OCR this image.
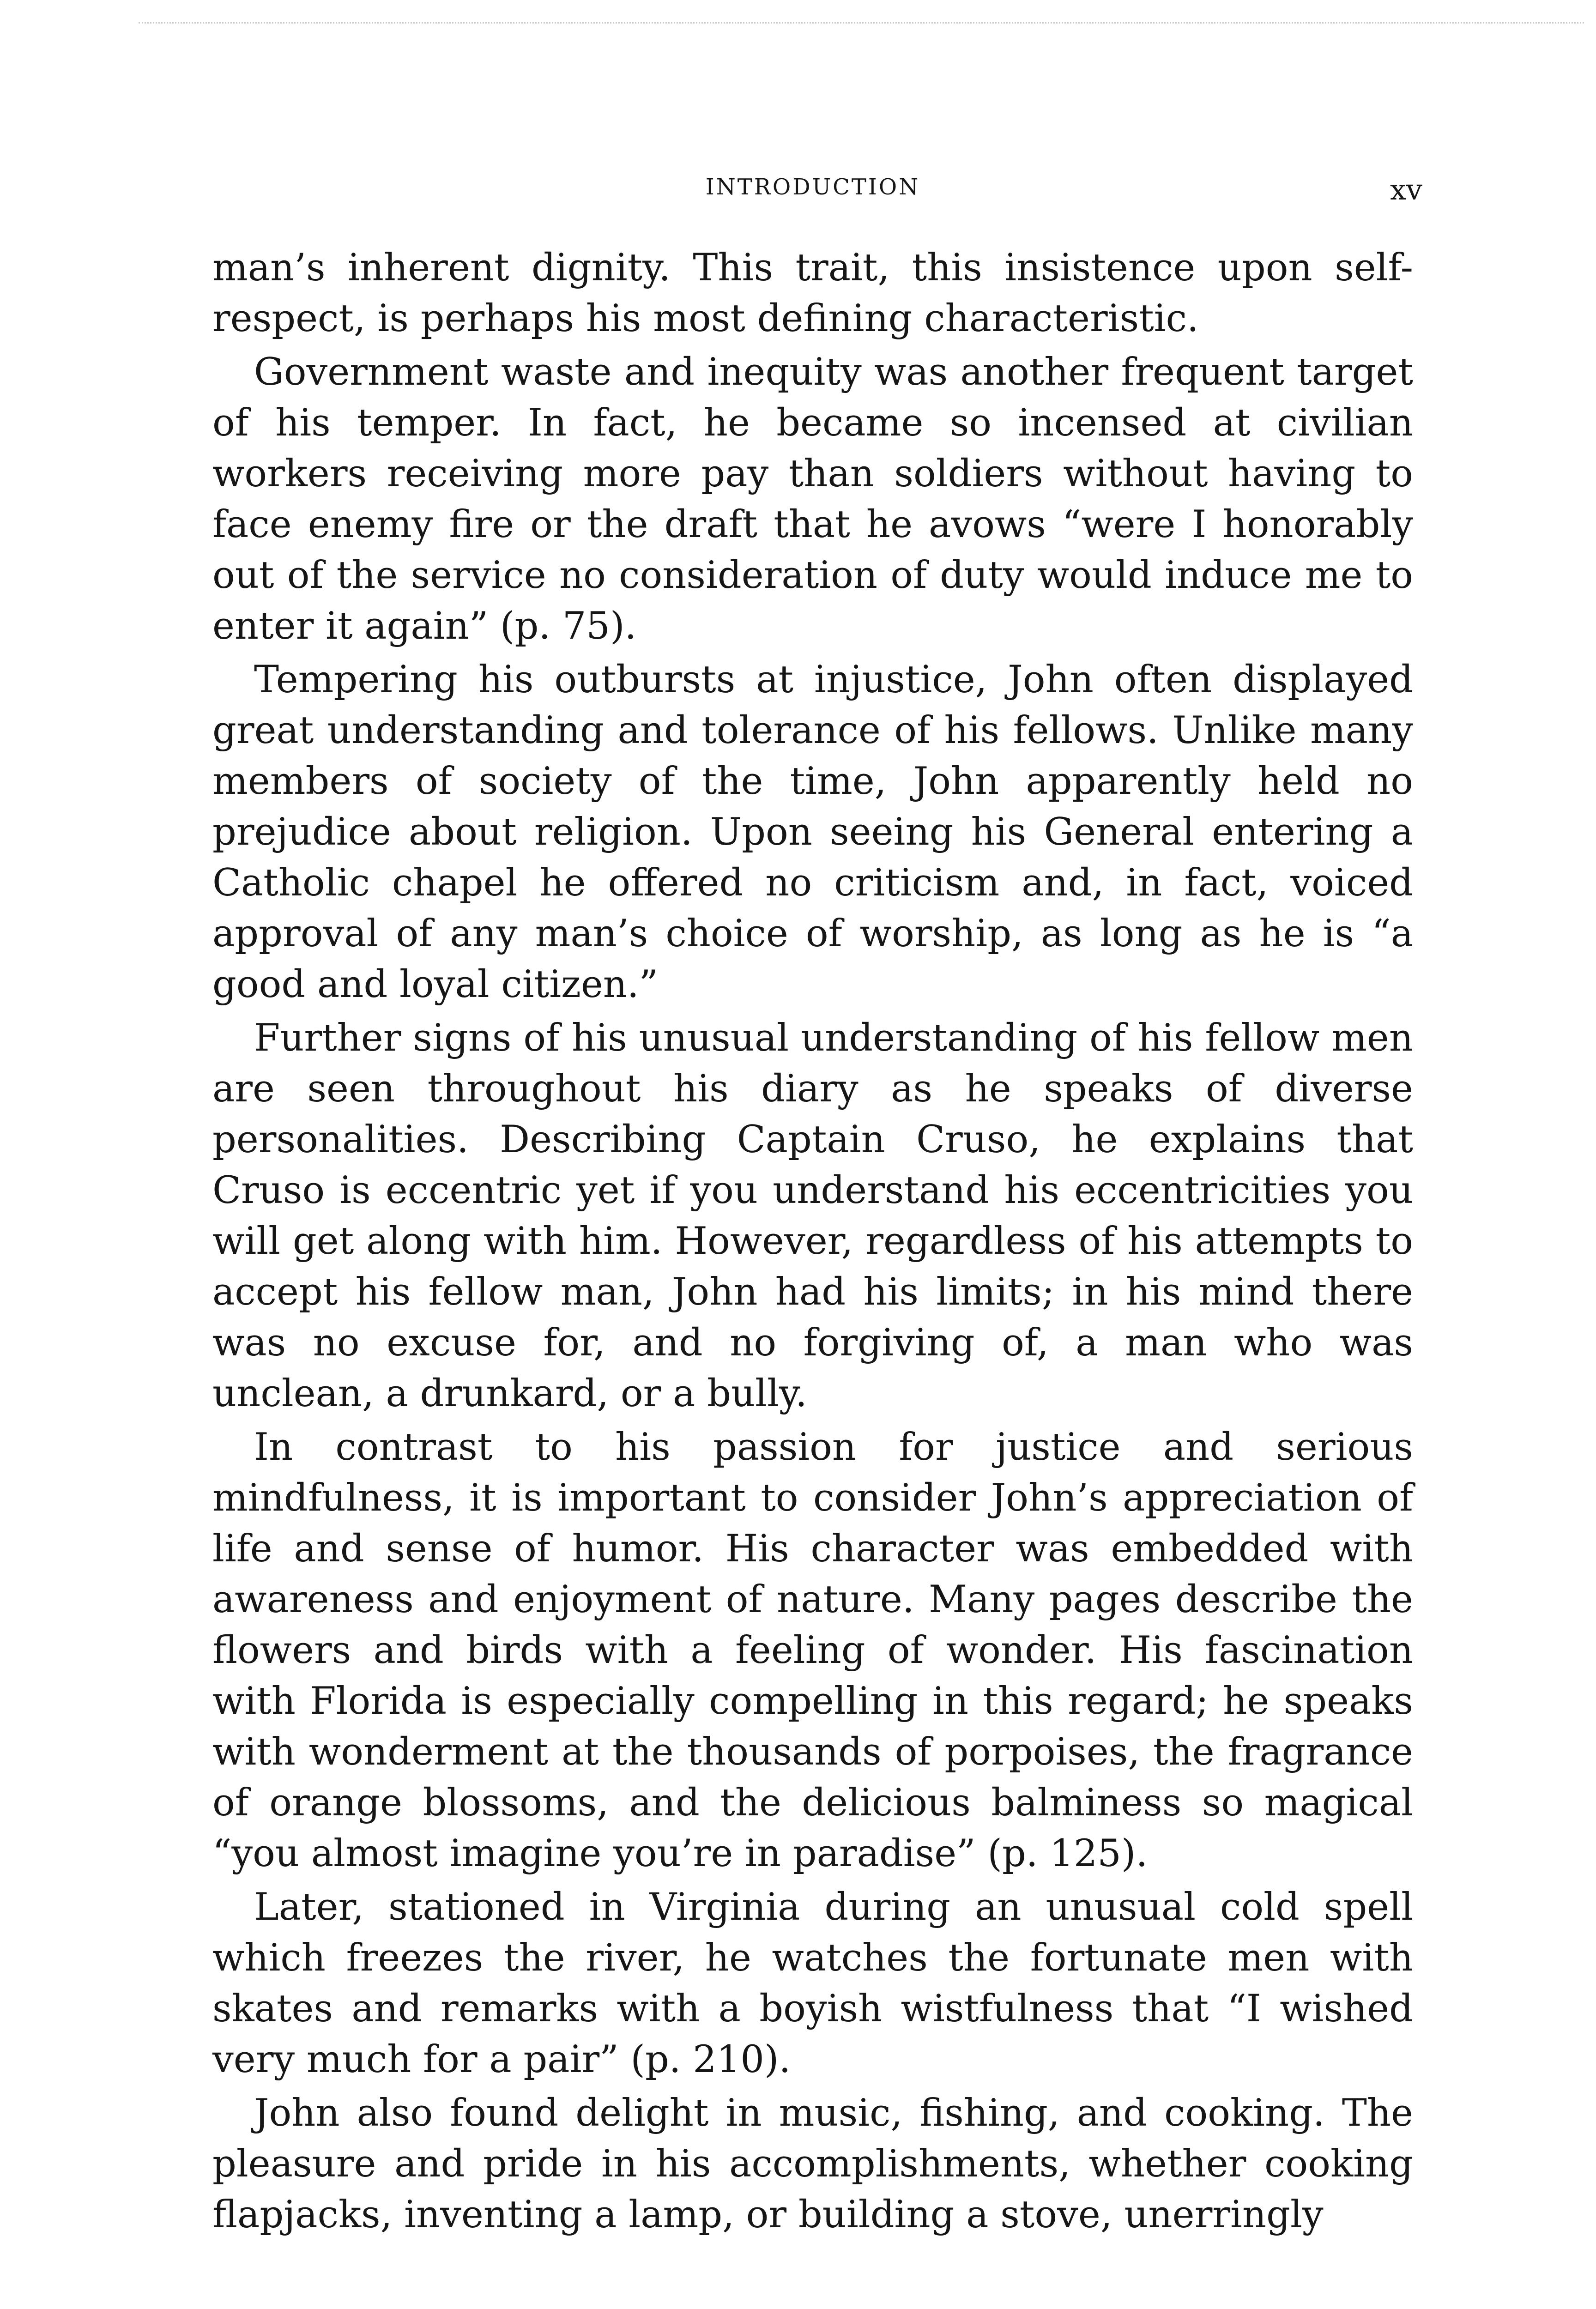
INTRODUCTION	xv

man’s inherent dignity. This trait, this insistence upon self-respect, is perhaps his most defining characteristic.

Government waste and inequity was another frequent target of his temper. In fact, he became so incensed at civilian workers receiving more pay than soldiers without having to face enemy fire or the draft that he avows “were I honorably out of the service no consideration of duty would induce me to enter it again” (p. 75).

Tempering his outbursts at injustice, John often displayed great understanding and tolerance of his fellows. Unlike many members of society of the time, John apparently held no prejudice about religion. Upon seeing his General entering a Catholic chapel he offered no criticism and, in fact, voiced approval of any man’s choice of worship, as long as he is “a good and loyal citizen.”

Further signs of his unusual understanding of his fellow men are seen throughout his diary as he speaks of diverse personalities. Describing Captain Cruso, he explains that Cruso is eccentric yet if you understand his eccentricities you will get along with him. However, regardless of his attempts to accept his fellow man, John had his limits; in his mind there was no excuse for, and no forgiving of, a man who was unclean, a drunkard, or a bully.

In contrast to his passion for justice and serious mindfulness, it is important to consider John’s appreciation of life and sense of humor. His character was embedded with awareness and enjoyment of nature. Many pages describe the flowers and birds with a feeling of wonder. His fascination with Florida is especially compelling in this regard; he speaks with wonderment at the thousands of porpoises, the fragrance of orange blossoms, and the delicious balminess so magical “you almost imagine you’re in paradise” (p. 125).

Later, stationed in Virginia during an unusual cold spell which freezes the river, he watches the fortunate men with skates and remarks with a boyish wistfulness that “I wished very much for a pair” (p. 210).

John also found delight in music, fishing, and cooking. The pleasure and pride in his accomplishments, whether cooking flapjacks, inventing a lamp, or building a stove, unerringly
